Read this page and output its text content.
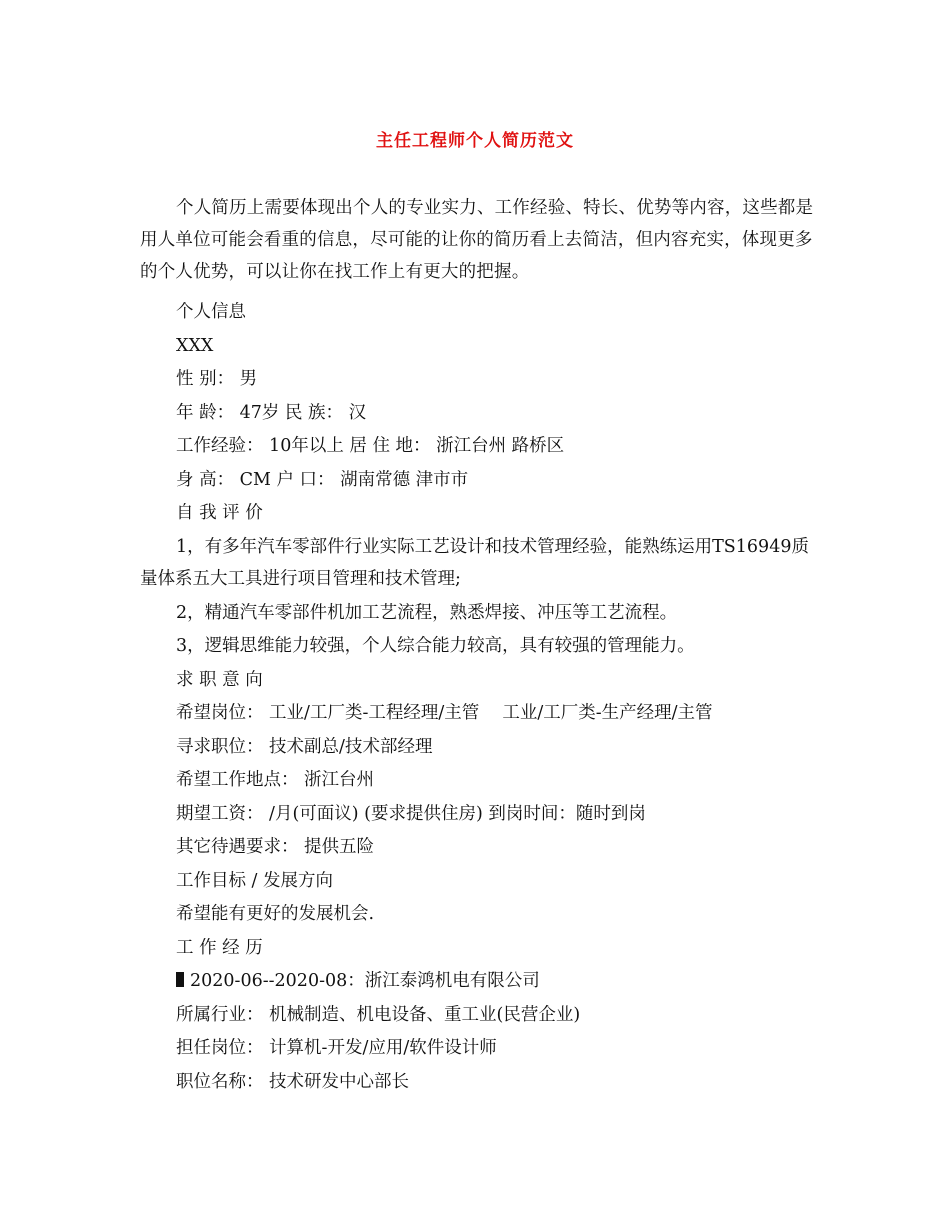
主任工程师个人简历范文
个人简历上需要体现出个人的专业实力、工作经验、特长、优势等内容，这些都是用人单位可能会看重的信息，尽可能的让你的简历看上去简洁，但内容充实，体现更多的个人优势，可以让你在找工作上有更大的把握。
个人信息
XXX
性 别： 男
年 龄： 47岁 民 族： 汉
工作经验： 10年以上 居 住 地： 浙江台州 路桥区
身 高： CM 户 口： 湖南常德 津市市
自 我 评 价
1，有多年汽车零部件行业实际工艺设计和技术管理经验，能熟练运用TS16949质量体系五大工具进行项目管理和技术管理;
2，精通汽车零部件机加工艺流程，熟悉焊接、冲压等工艺流程。
3，逻辑思维能力较强，个人综合能力较高，具有较强的管理能力。
求 职 意 向
希望岗位： 工业/工厂类-工程经理/主管　 工业/工厂类-生产经理/主管
寻求职位： 技术副总/技术部经理
希望工作地点： 浙江台州
期望工资： /月(可面议) (要求提供住房) 到岗时间：随时到岗
其它待遇要求： 提供五险
工作目标 / 发展方向
希望能有更好的发展机会.
工 作 经 历
2020-06--2020-08：浙江泰鸿机电有限公司
所属行业： 机械制造、机电设备、重工业(民营企业)
担任岗位： 计算机-开发/应用/软件设计师
职位名称： 技术研发中心部长
